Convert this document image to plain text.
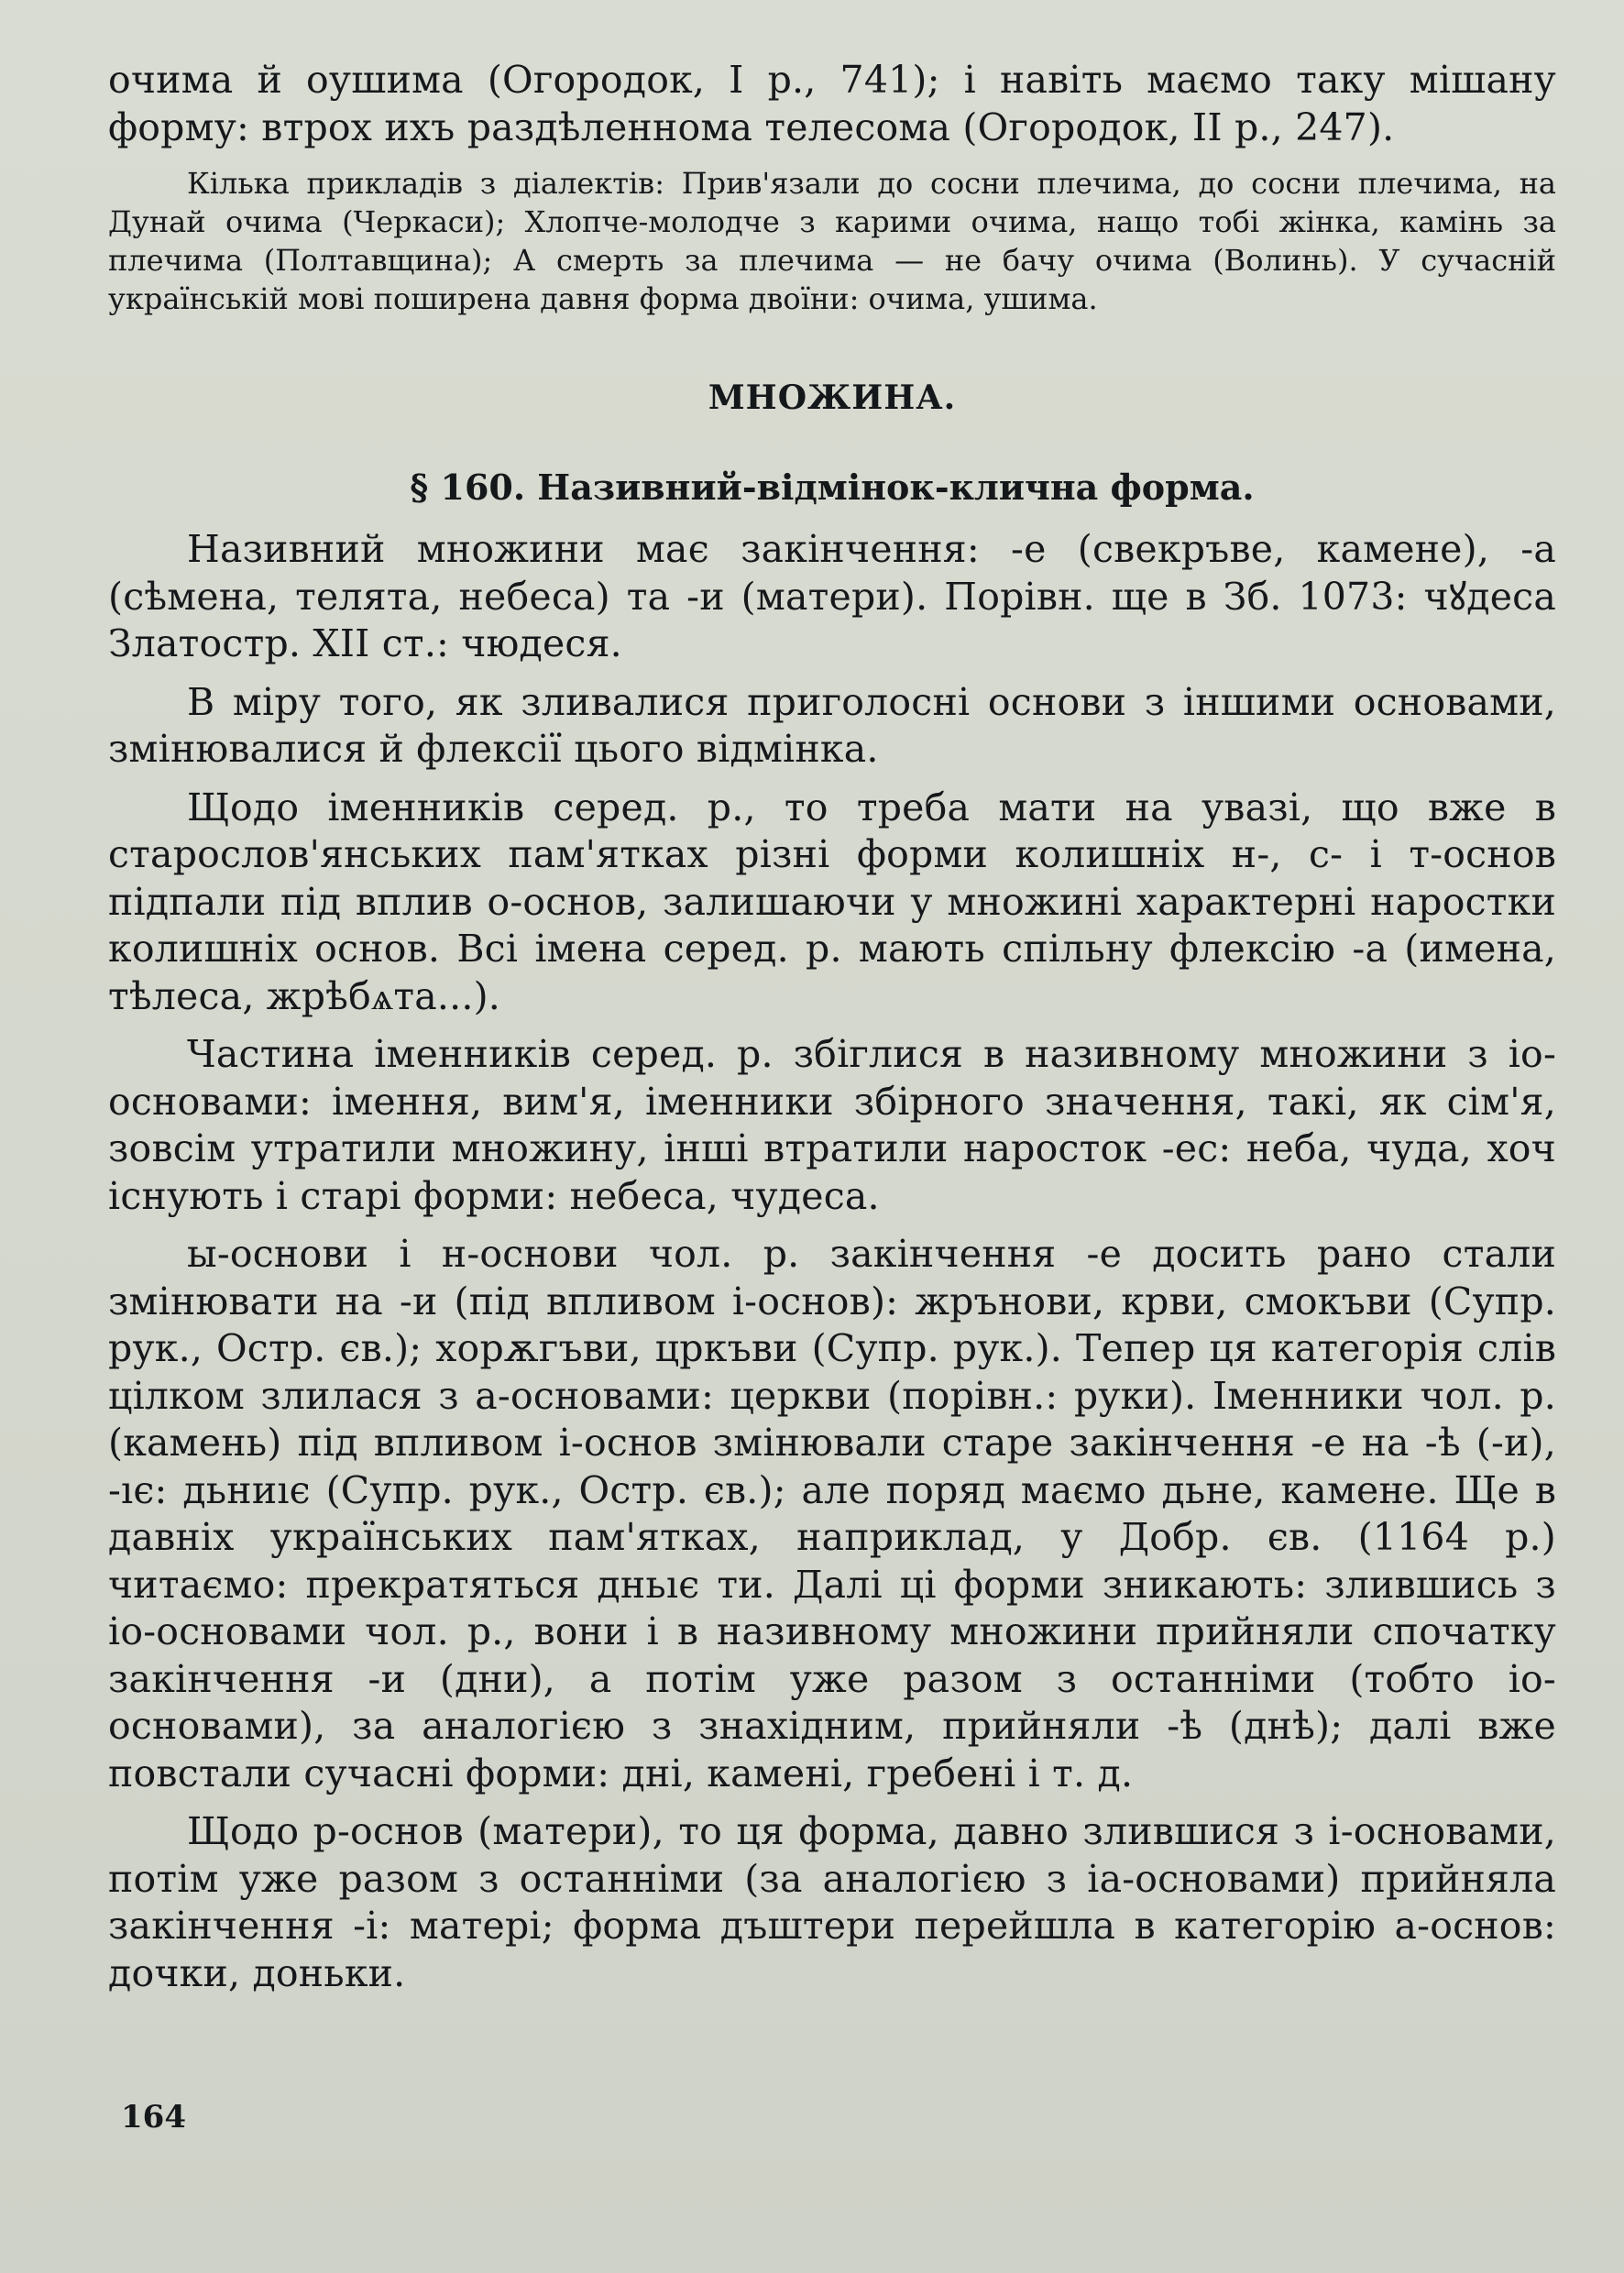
очима й оушима (Огородок, I р., 741); і навіть маємо таку мішану форму: втрох ихъ раздѣленнома телесома (Огородок, II р., 247).

Кілька прикладів з діалектів: Прив'язали до сосни плечима, до сосни плечима, на Дунай очима (Черкаси); Хлопче-молодче з карими очима, нащо тобі жінка, камінь за плечима (Полтавщина); А смерть за плечима — не бачу очима (Волинь). У сучасній українській мові поширена давня форма двоїни: очима, ушима.

МНОЖИНА.

§ 160. Називний-відмінок-клична форма.

Називний множини має закінчення: -е (свекръве, камене), -а (сѣмена, телята, небеса) та -и (матери). Порівн. ще в Зб. 1073: чꙋдеса Златостр. XII ст.: чюдеся.

В міру того, як зливалися приголосні основи з іншими основами, змінювалися й флексії цього відмінка.

Щодо іменників серед. р., то треба мати на увазі, що вже в старослов'янських пам'ятках різні форми колишніх н-, с- і т-основ підпали під вплив о-основ, залишаючи у множині характерні наростки колишніх основ. Всі імена серед. р. мають спільну флексію -а (имена, тѣлеса, жрѣбѧта...).

Частина іменників серед. р. збіглися в називному множини з іо-основами: імення, вим'я, іменники збірного значення, такі, як сім'я, зовсім утратили множину, інші втратили наросток -ес: неба, чуда, хоч існують і старі форми: небеса, чудеса.

ы-основи і н-основи чол. р. закінчення -е досить рано стали змінювати на -и (під впливом і-основ): жрънови, крви, смокъви (Супр. рук., Остр. єв.); хорѫгъви, цркъви (Супр. рук.). Тепер ця категорія слів цілком злилася з а-основами: церкви (порівн.: руки). Іменники чол. р. (камень) під впливом і-основ змінювали старе закінчення -е на -ѣ (-и), -ıє: дьниıє (Супр. рук., Остр. єв.); але поряд маємо дьне, камене. Ще в давніх українських пам'ятках, наприклад, у Добр. єв. (1164 р.) читаємо: прекратяться дньıє ти. Далі ці форми зникають: злившись з іо-основами чол. р., вони і в називному множини прийняли спочатку закінчення -и (дни), а потім уже разом з останніми (тобто іо-основами), за аналогією з знахідним, прийняли -ѣ (днѣ); далі вже повстали сучасні форми: дні, камені, гребені і т. д.

Щодо р-основ (матери), то ця форма, давно злившися з і-основами, потім уже разом з останніми (за аналогією з іа-основами) прийняла закінчення -і: матері; форма дъштери перейшла в категорію а-основ: дочки, доньки.

164
